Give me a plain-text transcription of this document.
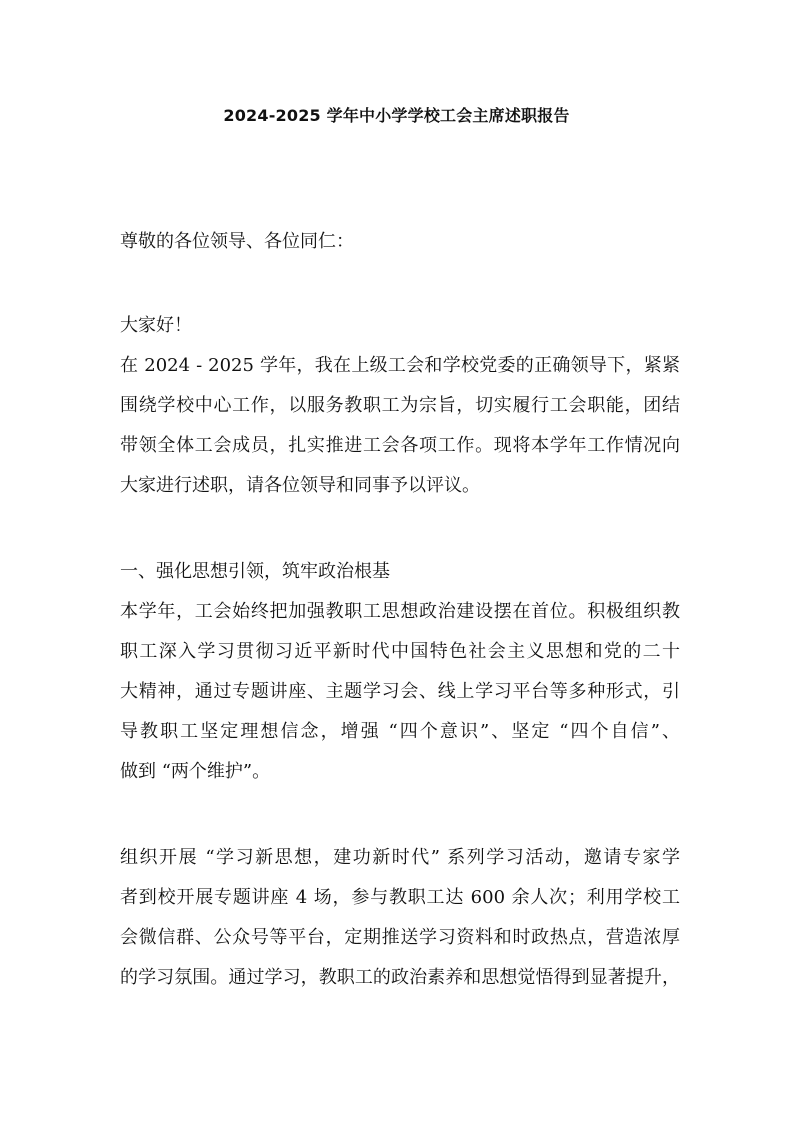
2024-2025 学年中小学学校工会主席述职报告
尊敬的各位领导、各位同仁：
大家好！
在 2024 - 2025 学年，我在上级工会和学校党委的正确领导下，紧紧
围绕学校中心工作，以服务教职工为宗旨，切实履行工会职能，团结
带领全体工会成员，扎实推进工会各项工作。现将本学年工作情况向
大家进行述职，请各位领导和同事予以评议。
一、强化思想引领，筑牢政治根基
本学年，工会始终把加强教职工思想政治建设摆在首位。积极组织教
职工深入学习贯彻习近平新时代中国特色社会主义思想和党的二十
大精神，通过专题讲座、主题学习会、线上学习平台等多种形式，引
导教职工坚定理想信念，增强 “四个意识”、坚定 “四个自信”、
做到 “两个维护”。
组织开展 “学习新思想，建功新时代” 系列学习活动，邀请专家学
者到校开展专题讲座 4 场，参与教职工达 600 余人次；利用学校工
会微信群、公众号等平台，定期推送学习资料和时政热点，营造浓厚
的学习氛围。通过学习，教职工的政治素养和思想觉悟得到显著提升，
